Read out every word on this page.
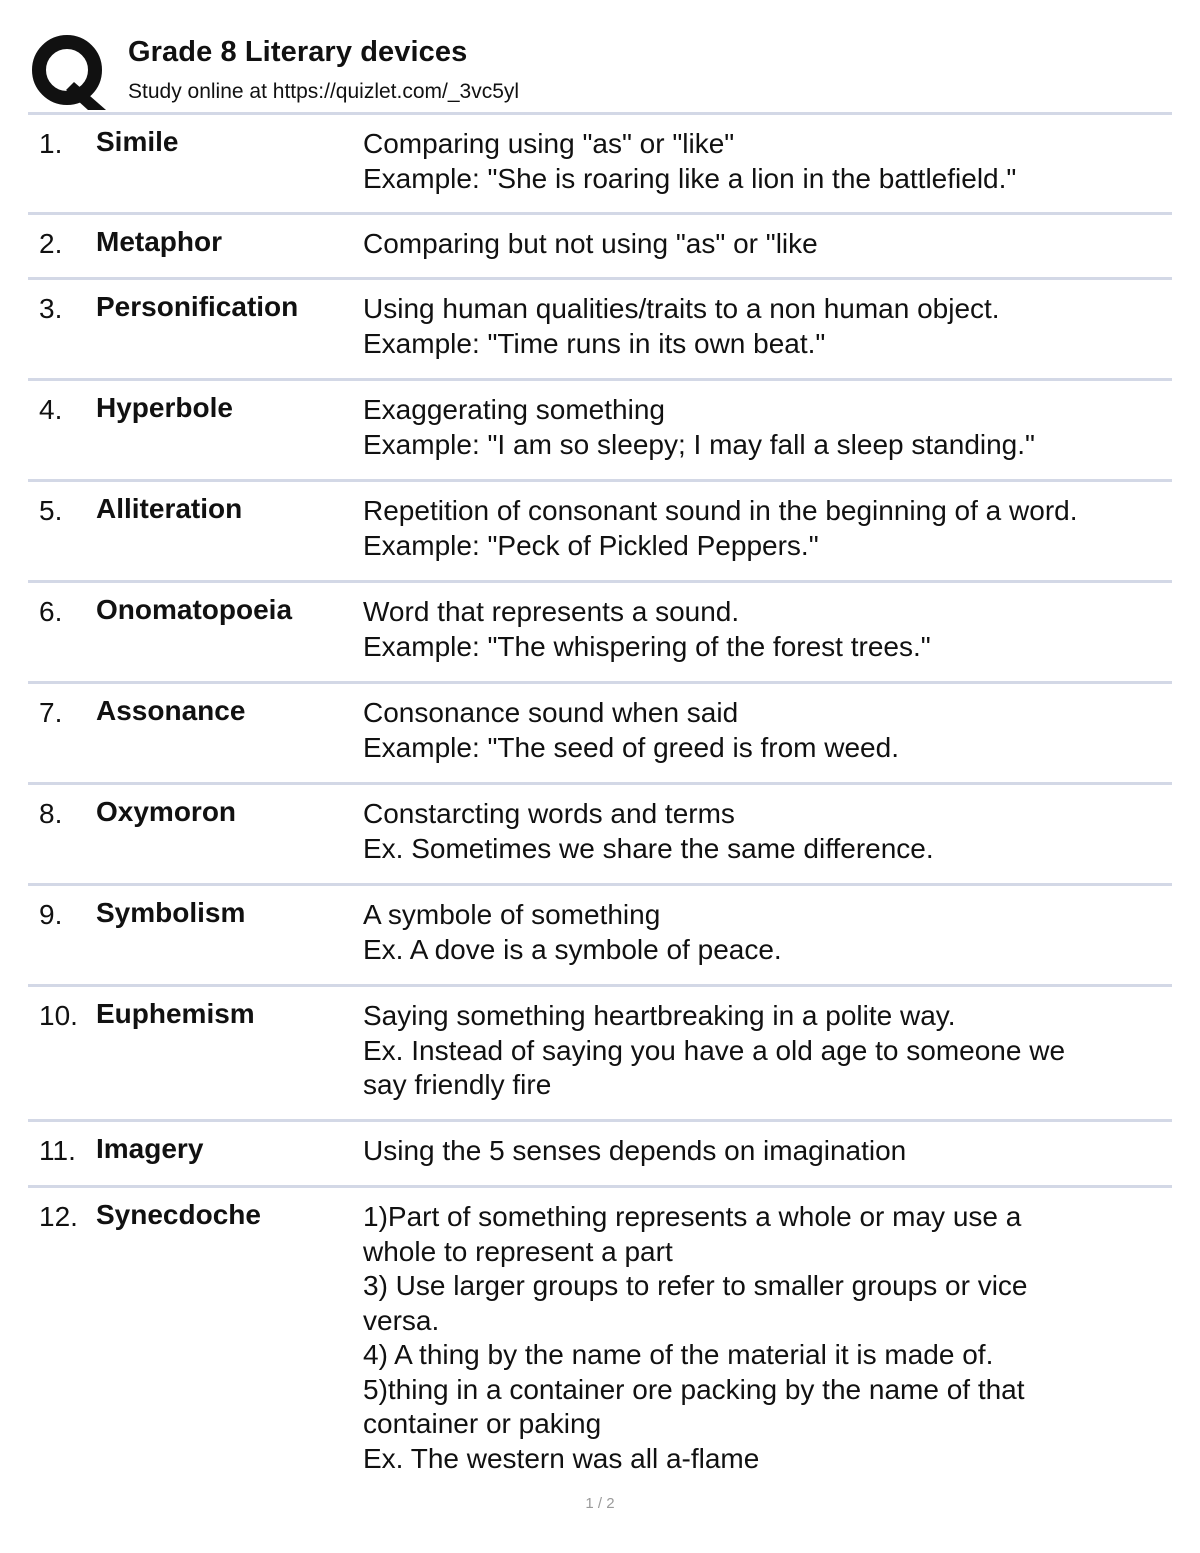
Grade 8 Literary devices
Study online at https://quizlet.com/_3vc5yl
1. Simile	Comparing using "as" or "like"
Example: "She is roaring like a lion in the battlefield."
2. Metaphor	Comparing but not using "as" or "like
3. Personification Using human qualities/traits to a non human object.
Example: "Time runs in its own beat."
4. Hyperbole	Exaggerating something
Example: "I am so sleepy; I may fall a sleep standing."
5. Alliteration	Repetition of consonant sound in the beginning of a word.
Example: "Peck of Pickled Peppers."
6. Onomatopoeia	Word that represents a sound.
Example: "The whispering of the forest trees."
7. Assonance	Consonance sound when said
Example: "The seed of greed is from weed.
8. Oxymoron	Constarcting words and terms
Ex. Sometimes we share the same difference.
9. Symbolism	A symbole of something
Ex. A dove is a symbole of peace.
10. Euphemism	Saying something heartbreaking in a polite way.
Ex. Instead of saying you have a old age to someone we
say friendly fire
11. Imagery	Using the 5 senses depends on imagination
12. Synecdoche	1)Part of something represents a whole or may use a
whole to represent a part
3) Use larger groups to refer to smaller groups or vice
versa.
4) A thing by the name of the material it is made of.
5)thing in a container ore packing by the name of that
container or paking
Ex. The western was all a-flame
1 / 2
